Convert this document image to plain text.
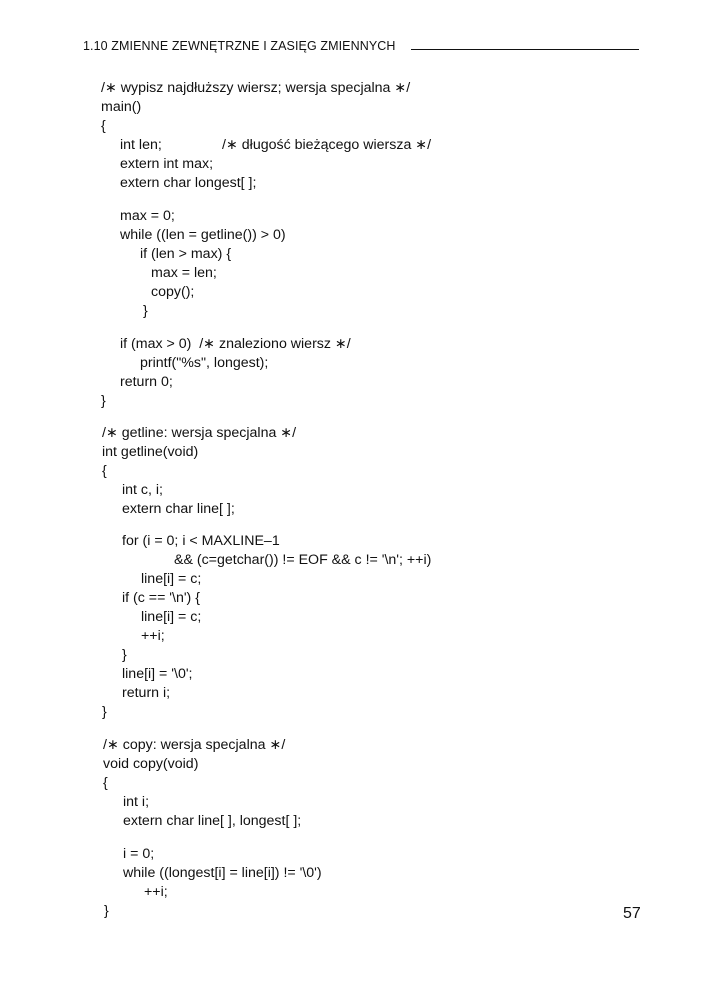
1.10 ZMIENNE ZEWNĘTRZNE I ZASIĘG ZMIENNYCH
/∗ wypisz najdłuższy wiersz; wersja specjalna ∗/
main()
{
int len;	/∗ długość bieżącego wiersza ∗/
extern int max;
extern char longest[ ];
max = 0;
while ((len = getline()) > 0)
if (len > max) {
max = len;
copy();
}
if (max > 0)  /∗ znaleziono wiersz ∗/
printf("%s", longest);
return 0;
}
/∗ getline: wersja specjalna ∗/
int getline(void)
{
int c, i;
extern char line[ ];
for (i = 0; i < MAXLINE–1
&& (c=getchar()) != EOF && c != '\n'; ++i)
line[i] = c;
if (c == '\n') {
line[i] = c;
++i;
}
line[i] = '\0';
return i;
}
/∗ copy: wersja specjalna ∗/
void copy(void)
{
int i;
extern char line[ ], longest[ ];
i = 0;
while ((longest[i] = line[i]) != '\0')
++i;
}	57
